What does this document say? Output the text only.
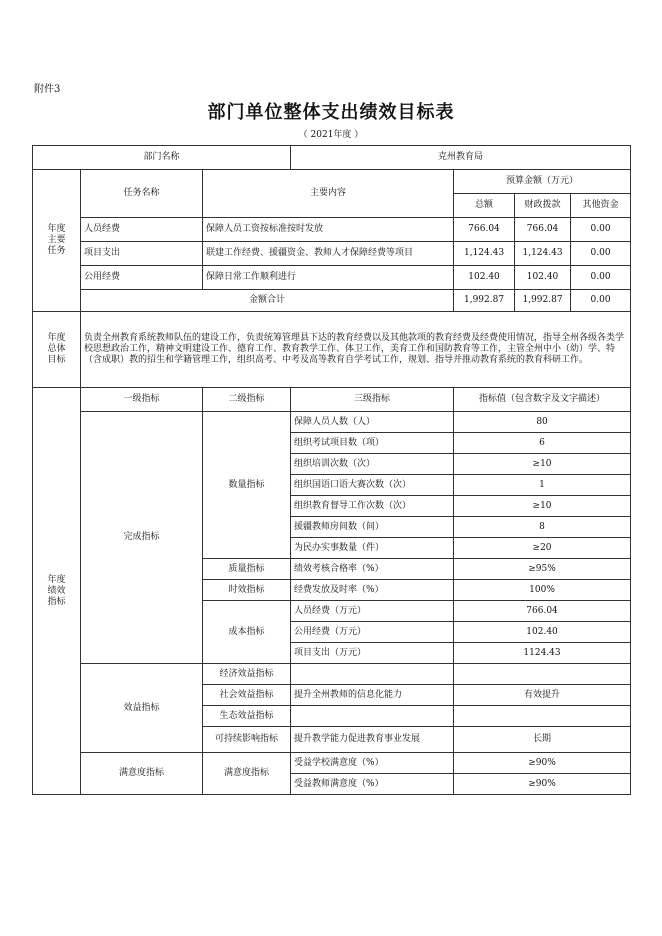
附件3
部门单位整体支出绩效目标表
（ 2021年度 ）
部门名称			克州教育局			
年度主要任务	任务名称	主要内容		预算金额（万元）		
				总额	财政拨款	其他资金
	人员经费	保障人员工资按标准按时发放		766.04	766.04	0.00
	项目支出	联建工作经费、援疆资金、教师人才保障经费等项目		1,124.43	1,124.43	0.00
	公用经费	保障日常工作顺利进行		102.40	102.40	0.00
	金额合计			1,992.87	1,992.87	0.00
年度总体目标	负责全州教育系统教师队伍的建设工作，负责统筹管理县下达的教育经费以及其他款项的教育经费及经费使用情况，指导全州各级各类学校思想政治工作，精神文明建设工作、德育工作、教育教学工作、体卫工作，美育工作和国防教育等工作，主管全州中小（幼）学、特（含成职）教的招生和学籍管理工作，组织高考、中考及高等教育自学考试工作，规划、指导并推动教育系统的教育科研工作。					
年度绩效指标	一级指标	二级指标	三级指标	指标值（包含数字及文字描述）		
	完成指标	数量指标	保障人员人数（人）	80		
			组织考试项目数（项）	6		
			组织培训次数（次）	≥10		
			组织国语口语大赛次数（次）	1		
			组织教育督导工作次数（次）	≥10		
			援疆教师房间数（间）	8		
			为民办实事数量（件）	≥20		
		质量指标	绩效考核合格率（%）	≥95%		
		时效指标	经费发放及时率（%）	100%		
		成本指标	人员经费（万元）	766.04		
			公用经费（万元）	102.40		
			项目支出（万元）	1124.43		
	效益指标	经济效益指标				
		社会效益指标	提升全州教师的信息化能力	有效提升		
		生态效益指标				
		可持续影响指标	提升教学能力促进教育事业发展	长期		
	满意度指标	满意度指标	受益学校满意度（%）	≥90%		
			受益教师满意度（%）	≥90%		
